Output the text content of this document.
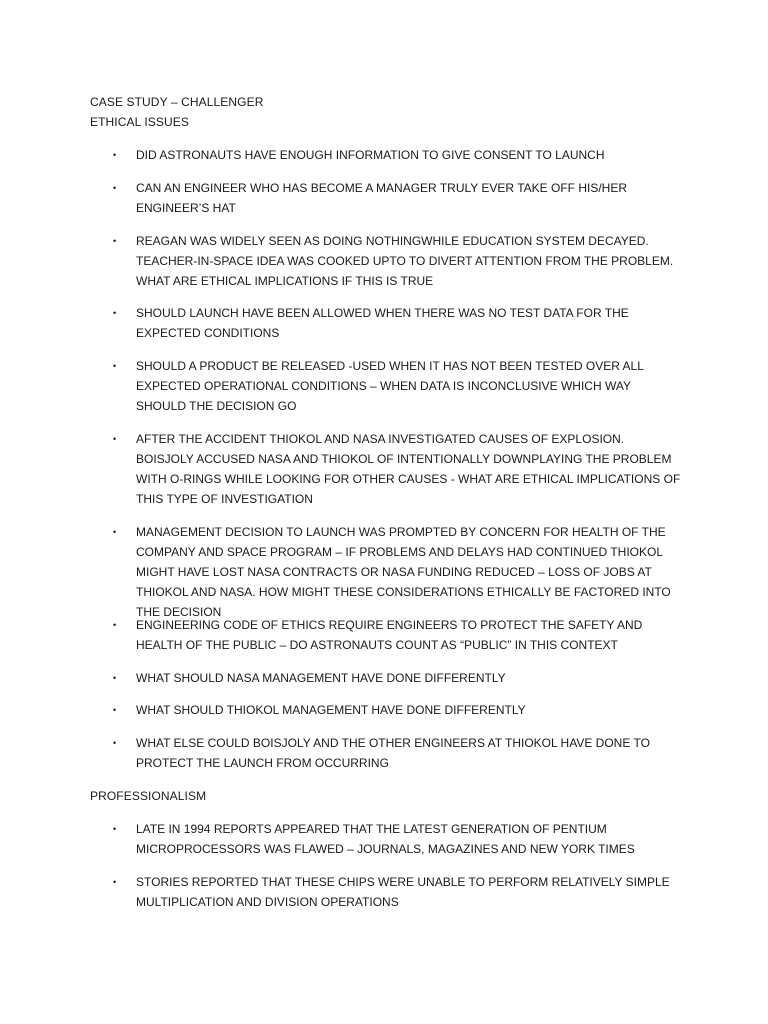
CASE STUDY – CHALLENGER
ETHICAL ISSUES
•	DID ASTRONAUTS HAVE ENOUGH INFORMATION TO GIVE CONSENT TO LAUNCH
•	CAN AN ENGINEER WHO HAS BECOME A MANAGER TRULY EVER TAKE OFF HIS/HER ENGINEER’S HAT
•	REAGAN WAS WIDELY SEEN AS DOING NOTHINGWHILE EDUCATION SYSTEM DECAYED. TEACHER-IN-SPACE IDEA WAS COOKED UPTO TO DIVERT ATTENTION FROM THE PROBLEM. WHAT ARE ETHICAL IMPLICATIONS IF THIS IS TRUE
•	SHOULD LAUNCH HAVE BEEN ALLOWED WHEN THERE WAS NO TEST DATA FOR THE EXPECTED CONDITIONS
•	SHOULD A PRODUCT BE RELEASED -USED WHEN IT HAS NOT BEEN TESTED OVER ALL EXPECTED OPERATIONAL CONDITIONS – WHEN DATA IS INCONCLUSIVE WHICH WAY SHOULD THE DECISION GO
•	AFTER THE ACCIDENT THIOKOL AND NASA INVESTIGATED CAUSES OF EXPLOSION. BOISJOLY ACCUSED NASA AND THIOKOL OF INTENTIONALLY DOWNPLAYING THE PROBLEM WITH O-RINGS WHILE LOOKING FOR OTHER CAUSES - WHAT ARE ETHICAL IMPLICATIONS OF THIS TYPE OF INVESTIGATION
•	MANAGEMENT DECISION TO LAUNCH WAS PROMPTED BY CONCERN FOR HEALTH OF THE COMPANY AND SPACE PROGRAM – IF PROBLEMS AND DELAYS HAD CONTINUED THIOKOL MIGHT HAVE LOST NASA CONTRACTS OR NASA FUNDING REDUCED – LOSS OF JOBS AT THIOKOL AND NASA. HOW MIGHT THESE CONSIDERATIONS ETHICALLY BE FACTORED INTO THE DECISION
•	ENGINEERING CODE OF ETHICS REQUIRE ENGINEERS TO PROTECT THE SAFETY AND HEALTH OF THE PUBLIC – DO ASTRONAUTS COUNT AS “PUBLIC” IN THIS CONTEXT
•	WHAT SHOULD NASA MANAGEMENT HAVE DONE DIFFERENTLY
•	WHAT SHOULD THIOKOL MANAGEMENT HAVE DONE DIFFERENTLY
•	WHAT ELSE COULD BOISJOLY AND THE OTHER ENGINEERS AT THIOKOL HAVE DONE TO PROTECT THE LAUNCH FROM OCCURRING
PROFESSIONALISM
•	LATE IN 1994 REPORTS APPEARED THAT THE LATEST GENERATION OF PENTIUM MICROPROCESSORS WAS FLAWED – JOURNALS, MAGAZINES AND NEW YORK TIMES
•	STORIES REPORTED THAT THESE CHIPS WERE UNABLE TO PERFORM RELATIVELY SIMPLE MULTIPLICATION AND DIVISION OPERATIONS
